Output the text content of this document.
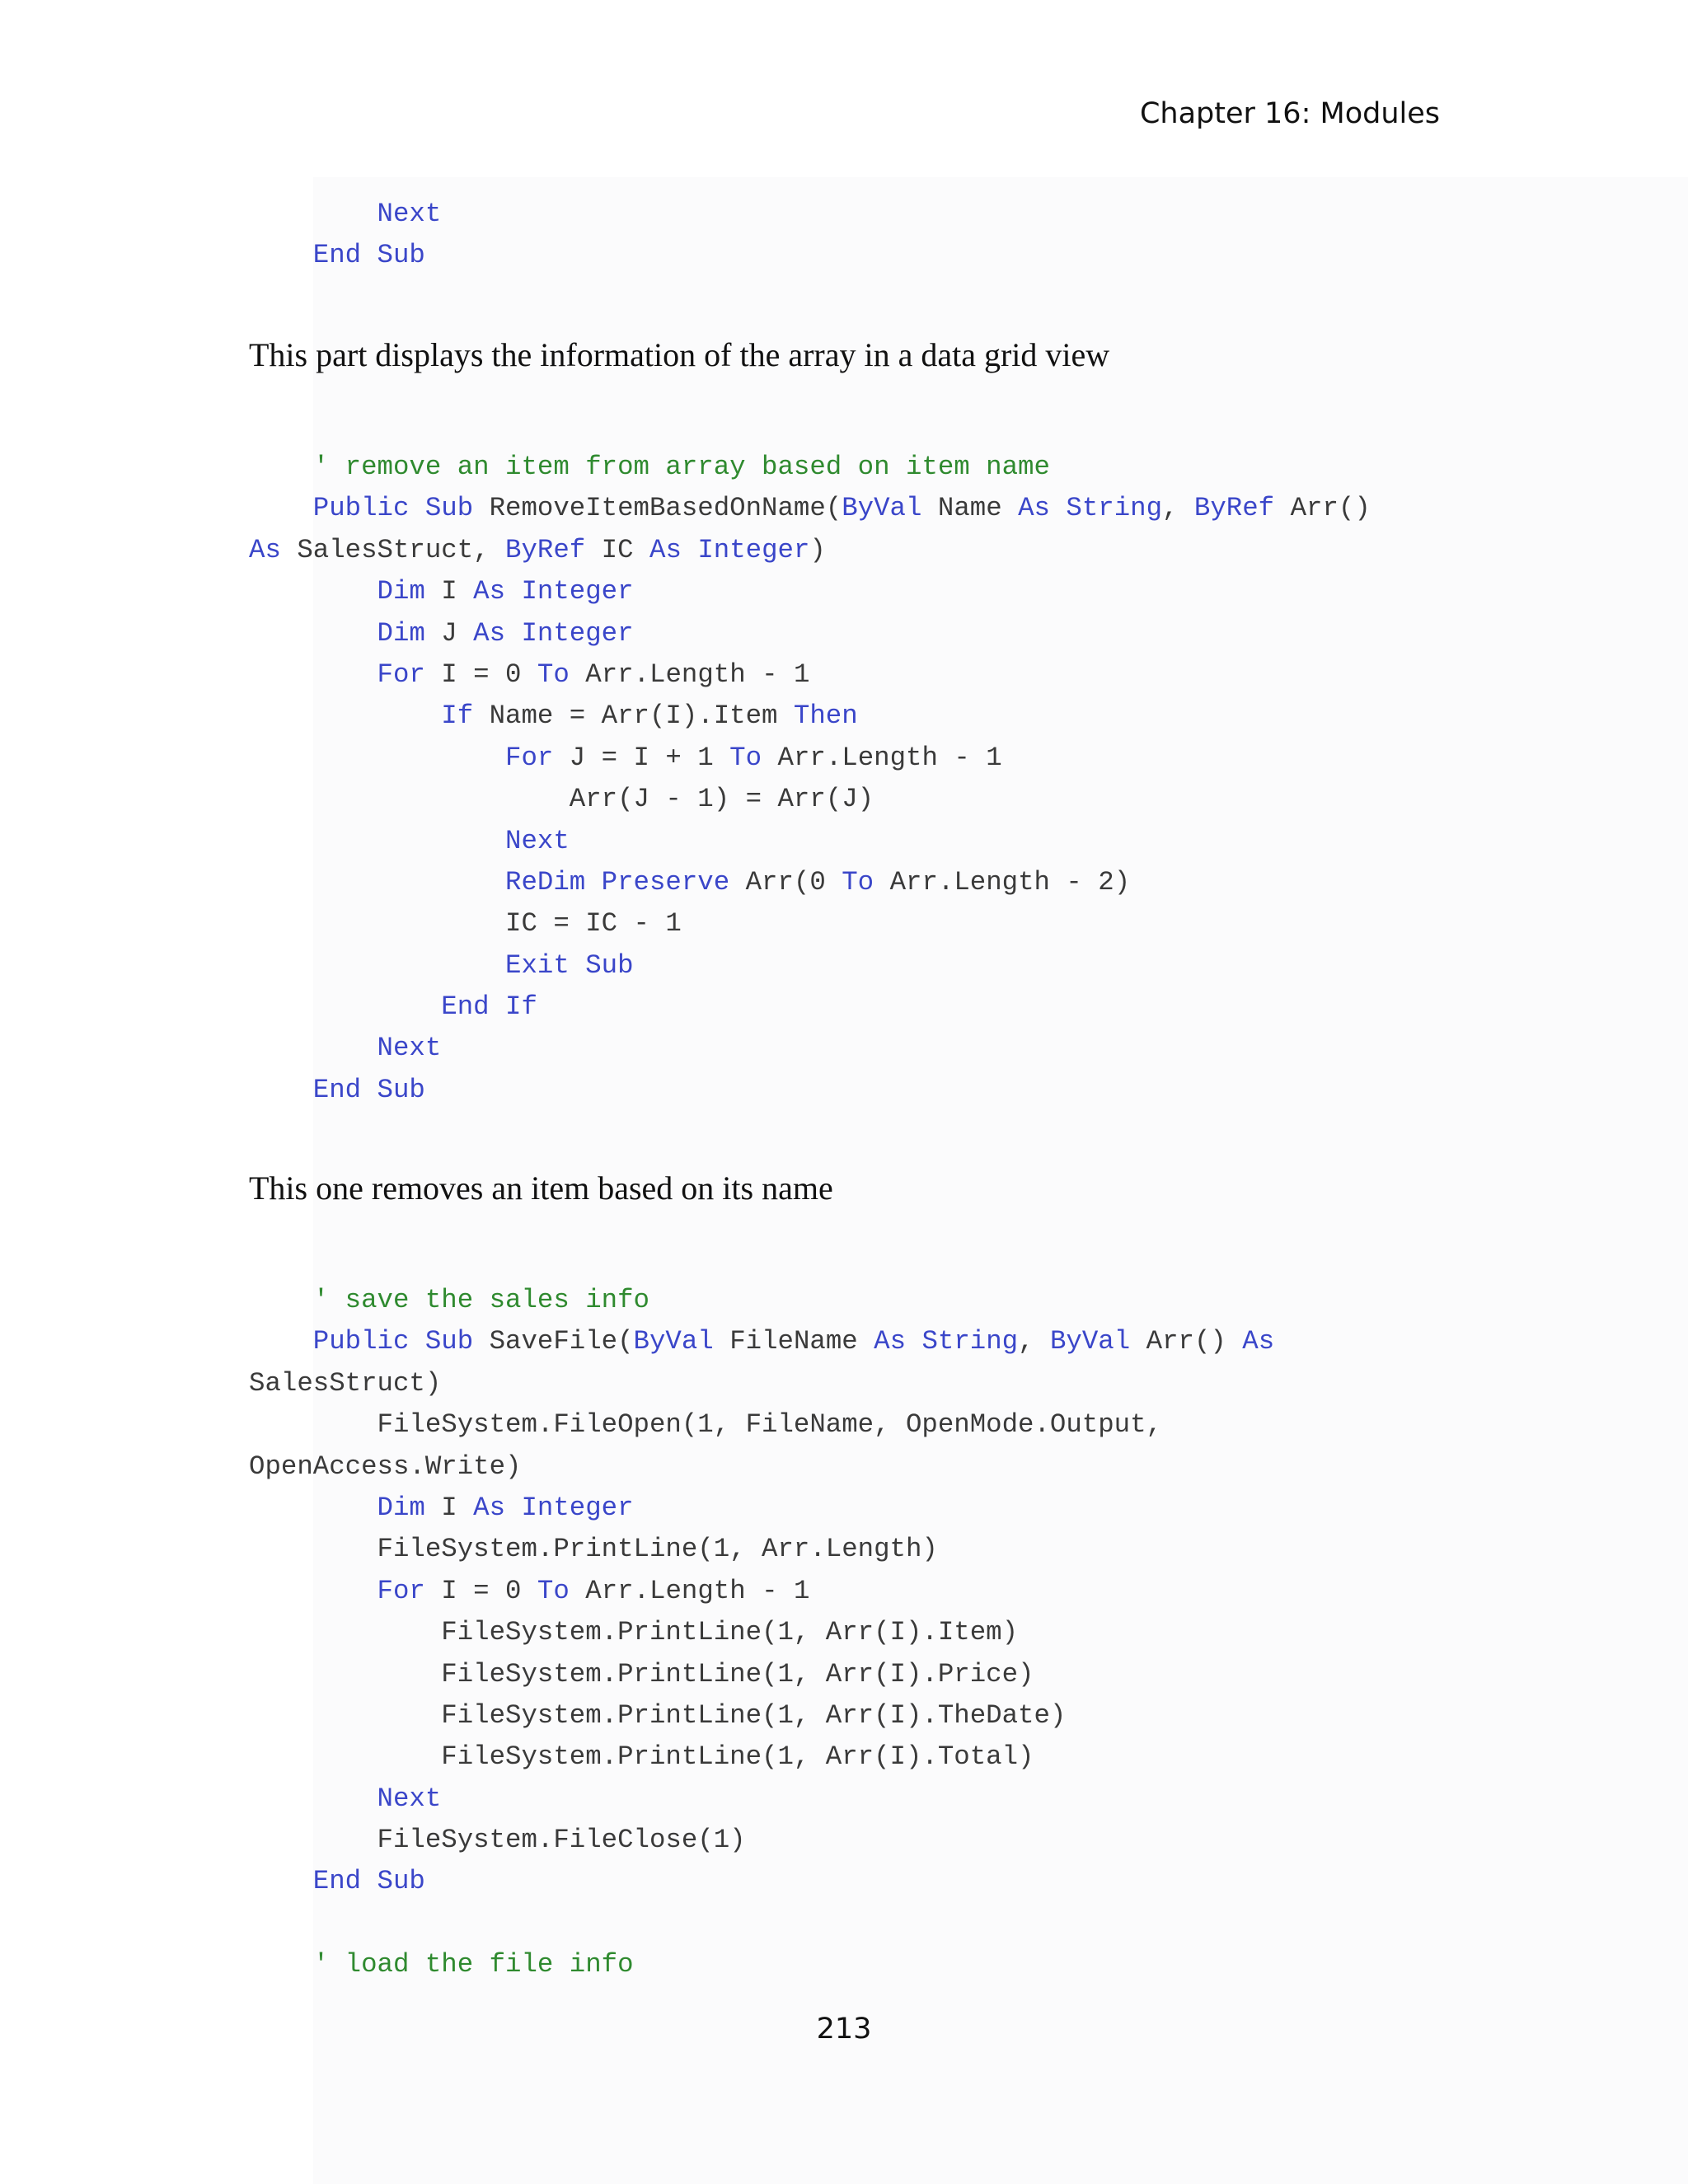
Chapter 16: Modules
Next
End Sub
This part displays the information of the array in a data grid view
' remove an item from array based on item name
Public Sub RemoveItemBasedOnName(ByVal Name As String, ByRef Arr()
As SalesStruct, ByRef IC As Integer)
Dim I As Integer
Dim J As Integer
For I = 0 To Arr.Length - 1
If Name = Arr(I).Item Then
For J = I + 1 To Arr.Length - 1
Arr(J - 1) = Arr(J)
Next
ReDim Preserve Arr(0 To Arr.Length - 2)
IC = IC - 1
Exit Sub
End If
Next
End Sub
This one removes an item based on its name
' save the sales info
Public Sub SaveFile(ByVal FileName As String, ByVal Arr() As
SalesStruct)
FileSystem.FileOpen(1, FileName, OpenMode.Output,
OpenAccess.Write)
Dim I As Integer
FileSystem.PrintLine(1, Arr.Length)
For I = 0 To Arr.Length - 1
FileSystem.PrintLine(1, Arr(I).Item)
FileSystem.PrintLine(1, Arr(I).Price)
FileSystem.PrintLine(1, Arr(I).TheDate)
FileSystem.PrintLine(1, Arr(I).Total)
Next
FileSystem.FileClose(1)
End Sub
' load the file info
213
